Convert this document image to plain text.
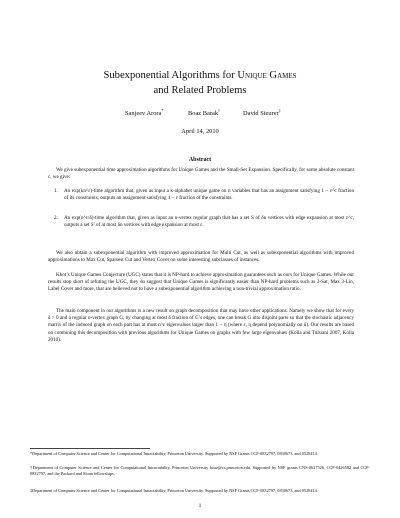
Subexponential Algorithms for Unique Games
and Related Problems
Sanjeev Arora*	Boaz Barak†	David Steurer‡
April 14, 2010
Abstract
We give subexponential time approximation algorithms for Unique Games and the Small-Set Expansion. Specifically, for some absolute constant c, we give:
1. An exp(kn^ε)-time algorithm that, given as input a k-alphabet unique game on n variables that has an assignment satisfying 1 − ε^c fraction of its constraints, outputs an assignment satisfying 1 − ε fraction of the constraints.
2. An exp(n^ε/δ)-time algorithm that, given as input an n-vertex regular graph that has a set S of δn vertices with edge expansion at most ε^c, outputs a set S′ of at most δn vertices with edge expansion at most ε.
We also obtain a subexponential algorithm with improved approximation for Multi Cut, as well as subexponential algorithms with improved approximations to Max Cut, Sparsest Cut and Vertex Cover on some interesting subclasses of instances.
Khot’s Unique Games Conjecture (UGC) states that it is NP-hard to achieve approximation guarantees such as ours for Unique Games. While our results stop short of refuting the UGC, they do suggest that Unique Games is significantly easier than NP-hard problems such as 3-Sat, Max 3-Lin, Label Cover and more, that are believed not to have a subexponential algorithm achieving a non-trivial approximation ratio.
The main component in our algorithms is a new result on graph decomposition that may have other applications. Namely we show that for every δ > 0 and a regular n-vertex graph G, by changing at most δ fraction of G’s edges, one can break G into disjoint parts so that the stochastic adjacency matrix of the induced graph on each part has at most n^ε eigenvalues larger than 1 − η (where ε, η depend polynomially on δ). Our results are based on combining this decomposition with previous algorithms for Unique Games on graphs with few large eigenvalues (Kolla and Tulsiani 2007, Kolla 2010).
*Department of Computer Science and Center for Computational Intractability, Princeton University. Supported by NSF Grants CCF-0832797, 0830673, and 0528414.
†Department of Computer Science and Center for Computational Intractability, Princeton University boaz@cs.princeton.edu. Supported by NSF grants CNS-0627526, CCF-0426582 and CCF-0832797, and the Packard and Sloan fellowships.
‡Department of Computer Science and Center for Computational Intractability, Princeton University. Supported by NSF Grants CCF-0832797, 0830673, and 0528414.
1
